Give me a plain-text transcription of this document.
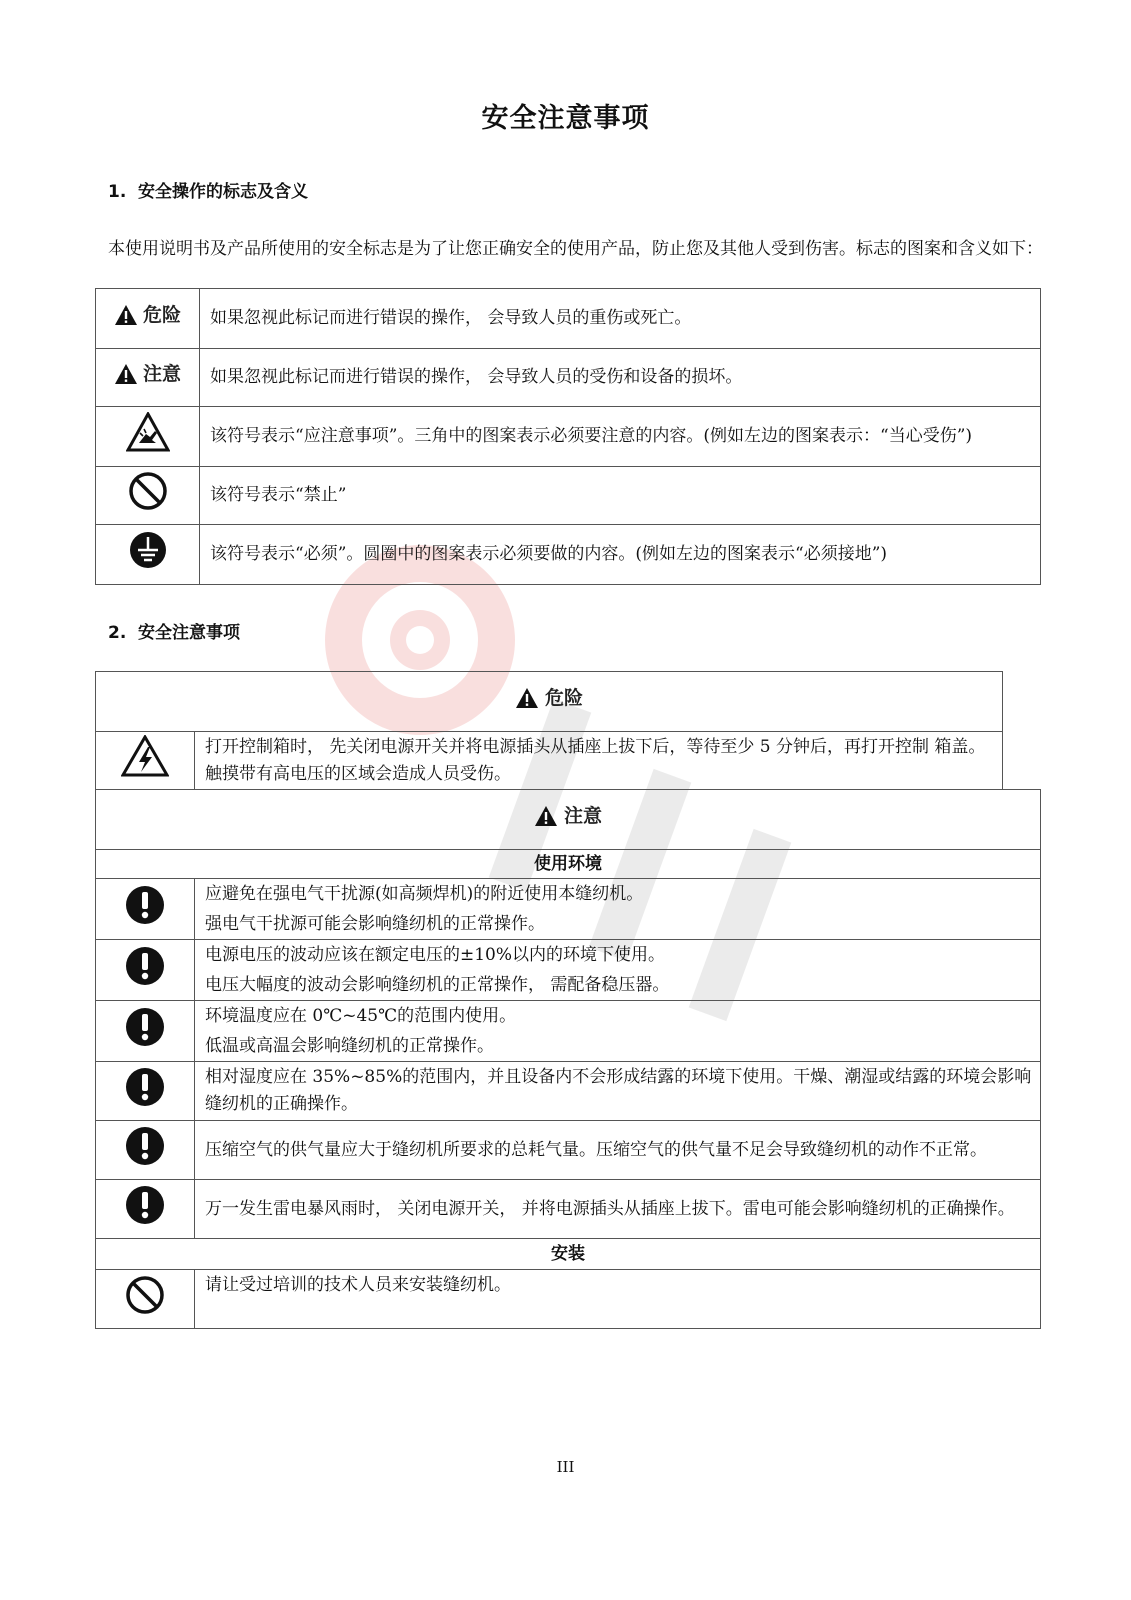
安全注意事项
1. 安全操作的标志及含义
本使用说明书及产品所使用的安全标志是为了让您正确安全的使用产品，防止您及其他人受到伤害。标志的图案和含义如下：
危险	如果忽视此标记而进行错误的操作， 会导致人员的重伤或死亡。

注意	如果忽视此标记而进行错误的操作， 会导致人员的受伤和设备的损坏。
	该符号表示“应注意事项”。三角中的图案表示必须要注意的内容。(例如左边的图案表示：“当心受伤”)
	该符号表示“禁止”
	该符号表示“必须”。圆圈中的图案表示必须要做的内容。(例如左边的图案表示“必须接地”)
2. 安全注意事项
危险

	打开控制箱时， 先关闭电源开关并将电源插头从插座上拔下后，等待至少 5 分钟后，再打开控制 箱盖。触摸带有高电压的区域会造成人员受伤。
注意	

使用环境	

应避免在强电气干扰源(如高频焊机)的附近使用本缝纫机。
强电气干扰源可能会影响缝纫机的正常操作。

电源电压的波动应该在额定电压的±10%以内的环境下使用。
电压大幅度的波动会影响缝纫机的正常操作， 需配备稳压器。

环境温度应在 0℃~45℃的范围内使用。
低温或高温会影响缝纫机的正常操作。

	相对湿度应在 35%~85%的范围内，并且设备内不会形成结露的环境下使用。干燥、潮湿或结露的环境会影响缝纫机的正确操作。
	压缩空气的供气量应大于缝纫机所要求的总耗气量。压缩空气的供气量不足会导致缝纫机的动作不正常。
	万一发生雷电暴风雨时， 关闭电源开关， 并将电源插头从插座上拔下。雷电可能会影响缝纫机的正确操作。
安装	
	请让受过培训的技术人员来安装缝纫机。
III
